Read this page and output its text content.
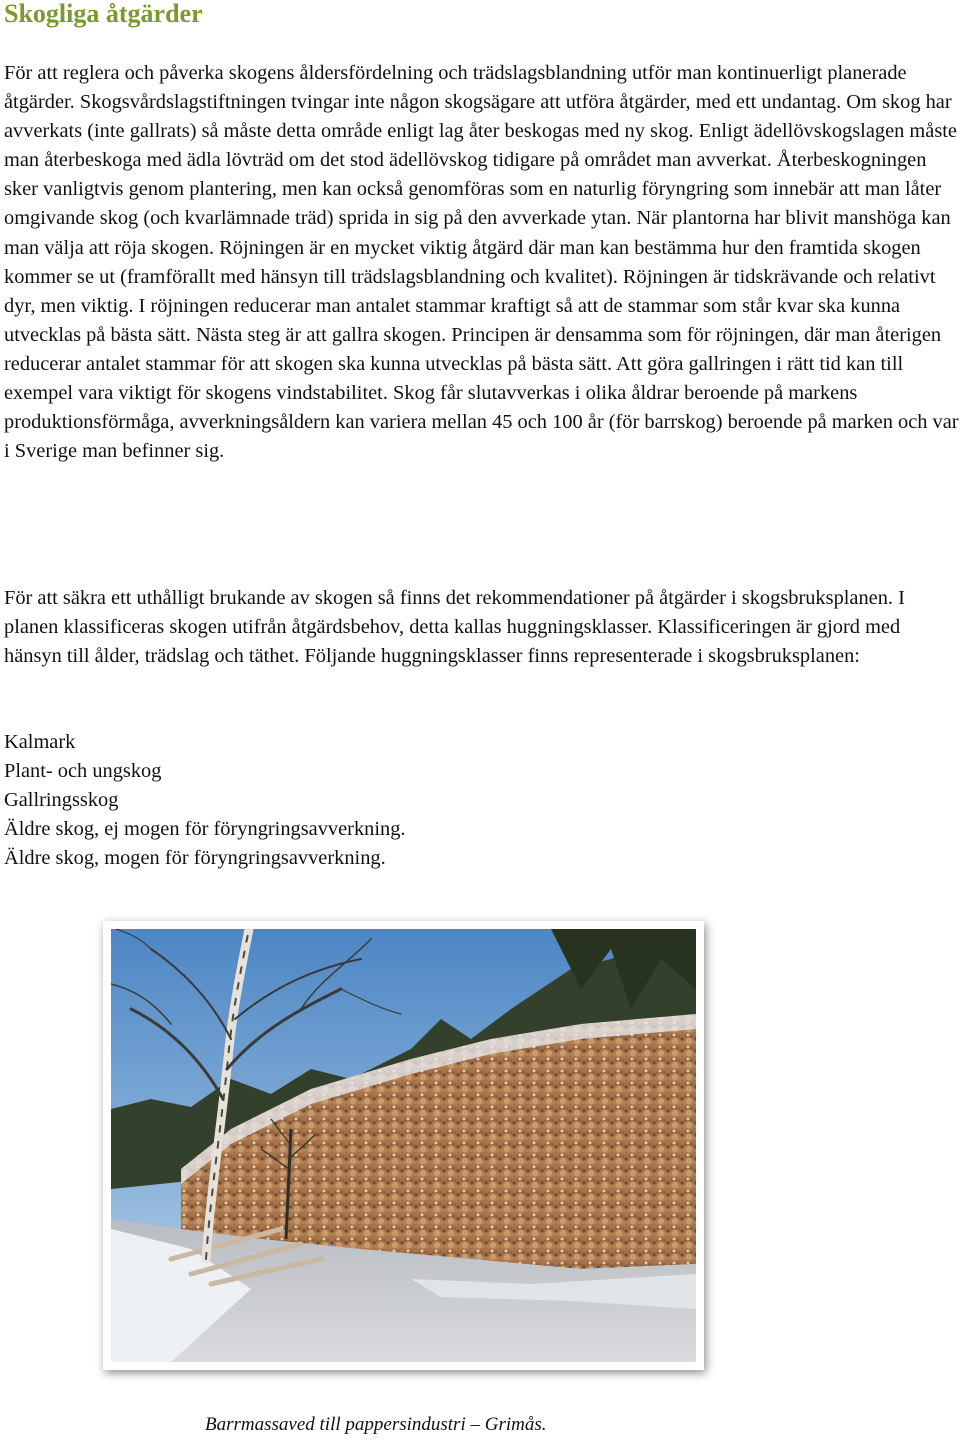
Skogliga åtgärder

För att reglera och påverka skogens åldersfördelning och trädslagsblandning utför man kontinuerligt planerade åtgärder. Skogsvårdslagstiftningen tvingar inte någon skogsägare att utföra åtgärder, med ett undantag. Om skog har avverkats (inte gallrats) så måste detta område enligt lag åter beskogas med ny skog. Enligt ädellövskogslagen måste man återbeskoga med ädla lövträd om det stod ädellövskog tidigare på området man avverkat. Återbeskogningen sker vanligtvis genom plantering, men kan också genomföras som en naturlig föryngring som innebär att man låter omgivande skog (och kvarlämnade träd) sprida in sig på den avverkade ytan. När plantorna har blivit manshöga kan man välja att röja skogen. Röjningen är en mycket viktig åtgärd där man kan bestämma hur den framtida skogen kommer se ut (framförallt med hänsyn till trädslagsblandning och kvalitet). Röjningen är tidskrävande och relativt dyr, men viktig. I röjningen reducerar man antalet stammar kraftigt så att de stammar som står kvar ska kunna utvecklas på bästa sätt. Nästa steg är att gallra skogen. Principen är densamma som för röjningen, där man återigen reducerar antalet stammar för att skogen ska kunna utvecklas på bästa sätt. Att göra gallringen i rätt tid kan till exempel vara viktigt för skogens vindstabilitet. Skog får slutavverkas i olika åldrar beroende på markens produktionsförmåga, avverkningsåldern kan variera mellan 45 och 100 år (för barrskog) beroende på marken och var i Sverige man befinner sig.

För att säkra ett uthålligt brukande av skogen så finns det rekommendationer på åtgärder i skogsbruksplanen. I planen klassificeras skogen utifrån åtgärdsbehov, detta kallas huggningsklasser. Klassificeringen är gjord med hänsyn till ålder, trädslag och täthet. Följande huggningsklasser finns representerade i skogsbruksplanen:

Kalmark
Plant- och ungskog
Gallringsskog
Äldre skog, ej mogen för föryngringsavverkning.
Äldre skog, mogen för föryngringsavverkning.

Barrmassaved till pappersindustri – Grimås.
